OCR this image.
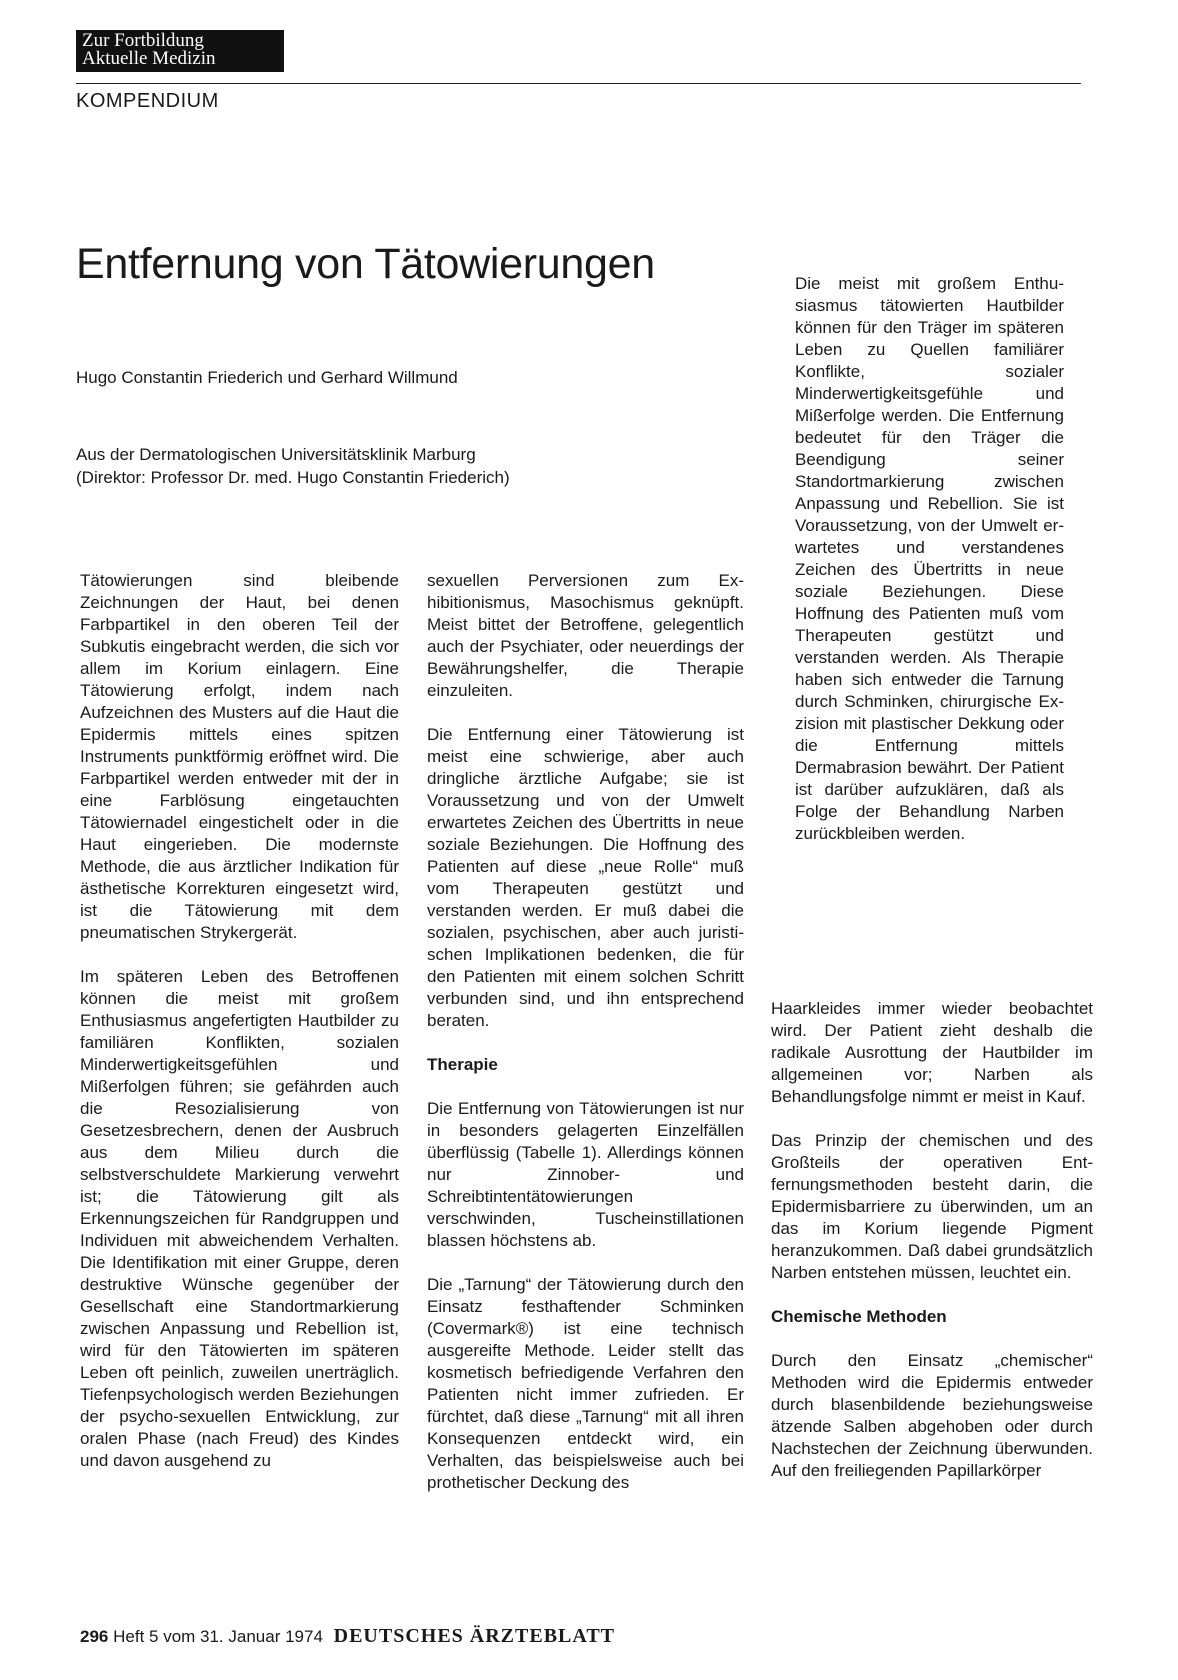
Zur Fortbildung
Aktuelle Medizin
KOMPENDIUM
Entfernung von Tätowierungen
Hugo Constantin Friederich und Gerhard Willmund
Aus der Dermatologischen Universitätsklinik Marburg
(Direktor: Professor Dr. med. Hugo Constantin Friederich)

Tätowierungen sind bleibende Zeichnungen der Haut, bei denen Farbpartikel in den oberen Teil der Subkutis eingebracht werden, die sich vor allem im Korium einlagern. Eine Tätowierung erfolgt, indem nach Aufzeichnen des Musters auf die Haut die Epidermis mittels eines spitzen Instruments punktförmig eröffnet wird. Die Farbpartikel werden entweder mit der in eine Farblösung eingetauchten Tätowiernadel eingestichelt oder in die Haut eingerieben. Die modernste Methode, die aus ärztlicher Indikation für ästhetische Korrekturen eingesetzt wird, ist die Tätowierung mit dem pneumatischen Strykergerät.

Im späteren Leben des Betroffenen können die meist mit großem Enthusiasmus angefertigten Hautbilder zu familiären Konflikten, sozialen Minderwertigkeitsgefühlen und Mißerfolgen führen; sie gefährden auch die Resozialisierung von Gesetzesbrechern, denen der Ausbruch aus dem Milieu durch die selbstverschuldete Markierung verwehrt ist; die Tätowierung gilt als Erkennungszeichen für Randgruppen und Individuen mit abweichendem Verhalten. Die Identifikation mit einer Gruppe, deren destruktive Wünsche gegenüber der Gesellschaft eine Standortmarkierung zwischen Anpassung und Rebellion ist, wird für den Tätowierten im späteren Leben oft peinlich, zuweilen unerträglich. Tiefenpsychologisch werden Beziehungen der psycho-sexuellen Entwicklung, zur oralen Phase (nach Freud) des Kindes und davon ausgehend zu

sexuellen Perversionen zum Exhibitionismus, Masochismus geknüpft. Meist bittet der Betroffene, gelegentlich auch der Psychiater, oder neuerdings der Bewährungshelfer, die Therapie einzuleiten.

Die Entfernung einer Tätowierung ist meist eine schwierige, aber auch dringliche ärztliche Aufgabe; sie ist Voraussetzung und von der Umwelt erwartetes Zeichen des Übertritts in neue soziale Beziehungen. Die Hoffnung des Patienten auf diese „neue Rolle“ muß vom Therapeuten gestützt und verstanden werden. Er muß dabei die sozialen, psychischen, aber auch juristischen Implikationen bedenken, die für den Patienten mit einem solchen Schritt verbunden sind, und ihn entsprechend beraten.

Therapie

Die Entfernung von Tätowierungen ist nur in besonders gelagerten Einzelfällen überflüssig (Tabelle 1). Allerdings können nur Zinnober- und Schreibtintentätowierungen verschwinden, Tuscheinstillationen blassen höchstens ab.

Die „Tarnung“ der Tätowierung durch den Einsatz festhaftender Schminken (Covermark®) ist eine technisch ausgereifte Methode. Leider stellt das kosmetisch befriedigende Verfahren den Patienten nicht immer zufrieden. Er fürchtet, daß diese „Tarnung“ mit all ihren Konsequenzen entdeckt wird, ein Verhalten, das beispielsweise auch bei prothetischer Deckung des

Die meist mit großem Enthusiasmus tätowierten Hautbilder können für den Träger im späteren Leben zu Quellen familiärer Konflikte, sozialer Minderwertigkeitsgefühle und Mißerfolge werden. Die Entfernung bedeutet für den Träger die Beendigung seiner Standortmarkierung zwischen Anpassung und Rebellion. Sie ist Voraussetzung, von der Umwelt erwartetes und verstandenes Zeichen des Übertritts in neue soziale Beziehungen. Diese Hoffnung des Patienten muß vom Therapeuten gestützt und verstanden werden. Als Therapie haben sich entweder die Tarnung durch Schminken, chirurgische Exzision mit plastischer Dekkung oder die Entfernung mittels Dermabrasion bewährt. Der Patient ist darüber aufzuklären, daß als Folge der Behandlung Narben zurückbleiben werden.

Haarkleides immer wieder beobachtet wird. Der Patient zieht deshalb die radikale Ausrottung der Hautbilder im allgemeinen vor; Narben als Behandlungsfolge nimmt er meist in Kauf.

Das Prinzip der chemischen und des Großteils der operativen Entfernungsmethoden besteht darin, die Epidermisbarriere zu überwinden, um an das im Korium liegende Pigment heranzukommen. Daß dabei grundsätzlich Narben entstehen müssen, leuchtet ein.

Chemische Methoden

Durch den Einsatz „chemischer“ Methoden wird die Epidermis entweder durch blasenbildende beziehungsweise ätzende Salben abgehoben oder durch Nachstechen der Zeichnung überwunden. Auf den freiliegenden Papillarkörper

296 Heft 5 vom 31. Januar 1974 DEUTSCHES ÄRZTEBLATT
